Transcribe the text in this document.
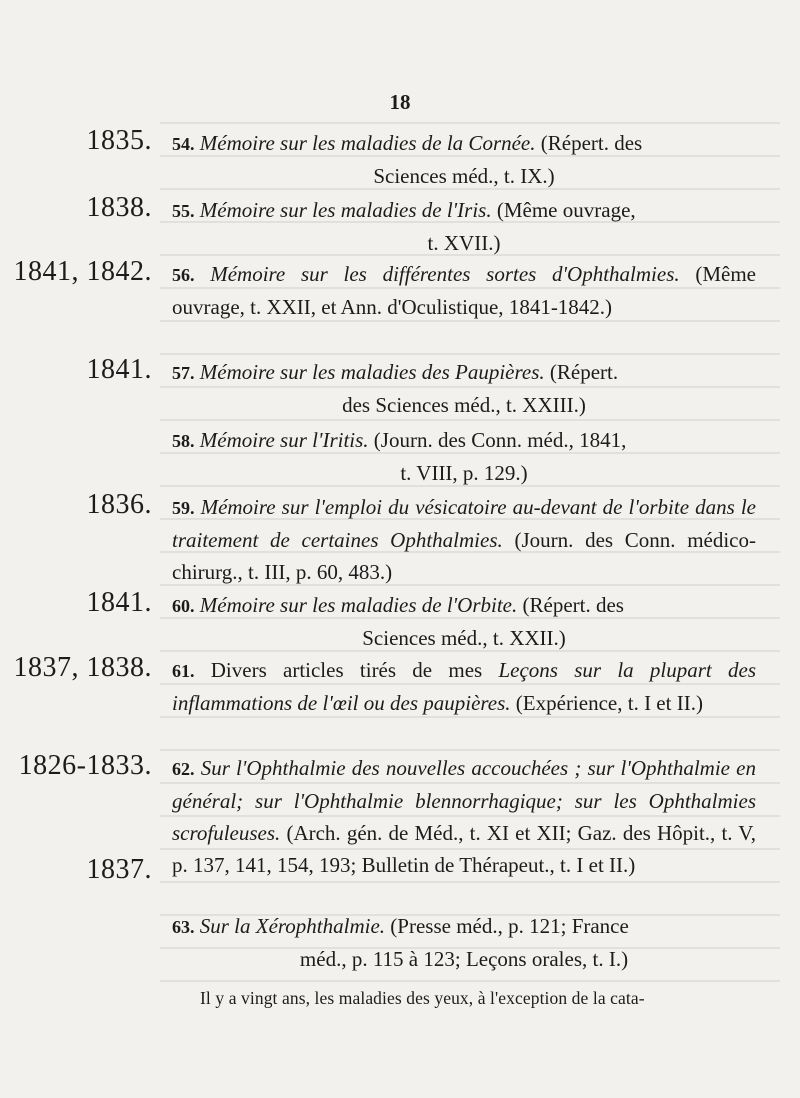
18
1835. 54. Mémoire sur les maladies de la Cornée. (Répert. des
Sciences méd., t. IX.)
1838. 55. Mémoire sur les maladies de l'Iris. (Même ouvrage,
t. XVII.)
1841, 1842. 56. Mémoire sur les différentes sortes d'Ophthalmies. (Même ouvrage, t. XXII, et Ann. d'Oculistique, 1841-1842.)
1841. 57. Mémoire sur les maladies des Paupières. (Répert.
des Sciences méd., t. XXIII.)
58. Mémoire sur l'Iritis. (Journ. des Conn. méd., 1841,
t. VIII, p. 129.)
1836. 59. Mémoire sur l'emploi du vésicatoire au-devant de l'orbite dans le traitement de certaines Ophthalmies. (Journ. des Conn. médico-chirurg., t. III, p. 60, 483.)
1841. 60. Mémoire sur les maladies de l'Orbite. (Répert. des
Sciences méd., t. XXII.)
1837, 1838. 61. Divers articles tirés de mes Leçons sur la plupart des inflammations de l'œil ou des paupières. (Expérience, t. I et II.)
1826-1833.
1837.
62. Sur l'Ophthalmie des nouvelles accouchées ; sur l'Ophthalmie en général; sur l'Ophthalmie blennorrhagique; sur les Ophthalmies scrofuleuses. (Arch. gén. de Méd., t. XI et XII; Gaz. des Hôpit., t. V, p. 137, 141, 154, 193; Bulletin de Thérapeut., t. I et II.)
63. Sur la Xérophthalmie. (Presse méd., p. 121; France
méd., p. 115 à 123; Leçons orales, t. I.)
Il y a vingt ans, les maladies des yeux, à l'exception de la cata-
